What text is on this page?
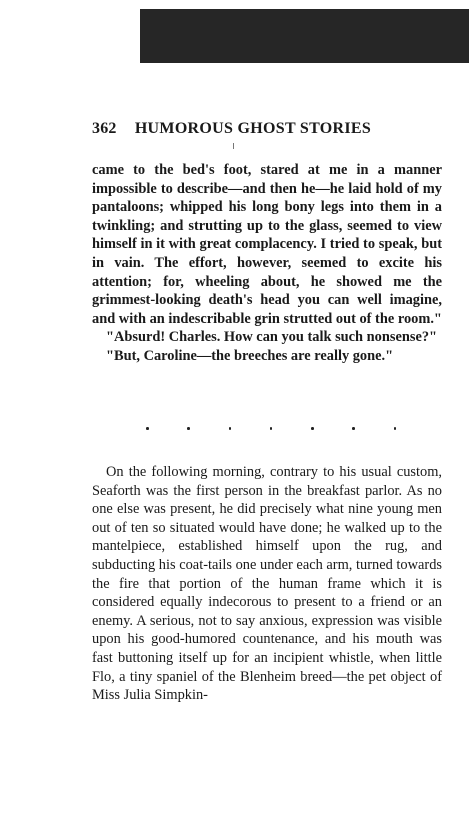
362 HUMOROUS GHOST STORIES

came to the bed's foot, stared at me in a manner impossible to describe—and then he—he laid hold of my pantaloons; whipped his long bony legs into them in a twinkling; and strutting up to the glass, seemed to view himself in it with great complacency. I tried to speak, but in vain. The effort, however, seemed to excite his attention; for, wheeling about, he showed me the grimmest-looking death's head you can well imagine, and with an indescribable grin strutted out of the room."

"Absurd! Charles. How can you talk such nonsense?"

"But, Caroline—the breeches are really gone."

On the following morning, contrary to his usual custom, Seaforth was the first person in the breakfast parlor. As no one else was present, he did precisely what nine young men out of ten so situated would have done; he walked up to the mantelpiece, established himself upon the rug, and subducting his coat-tails one under each arm, turned towards the fire that portion of the human frame which it is considered equally indecorous to present to a friend or an enemy. A serious, not to say anxious, expression was visible upon his good-humored countenance, and his mouth was fast buttoning itself up for an incipient whistle, when little Flo, a tiny spaniel of the Blenheim breed—the pet object of Miss Julia Simpkin-
